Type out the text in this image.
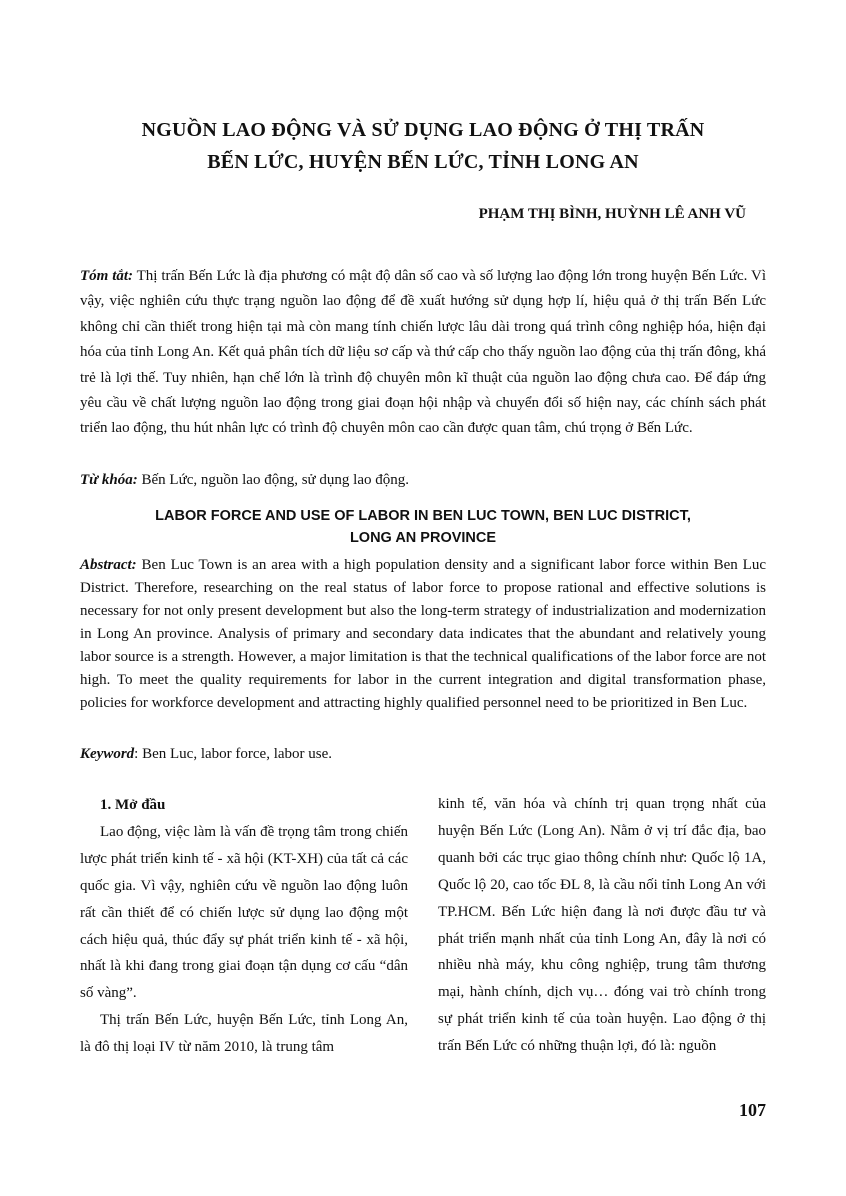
NGUỒN LAO ĐỘNG VÀ SỬ DỤNG LAO ĐỘNG Ở THỊ TRẤN
BẾN LỨC, HUYỆN BẾN LỨC, TỈNH LONG AN
PHẠM THỊ BÌNH, HUỲNH LÊ ANH VŨ

Tóm tắt: Thị trấn Bến Lức là địa phương có mật độ dân số cao và số lượng lao động lớn trong huyện Bến Lức. Vì vậy, việc nghiên cứu thực trạng nguồn lao động để đề xuất hướng sử dụng hợp lí, hiệu quả ở thị trấn Bến Lức không chỉ cần thiết trong hiện tại mà còn mang tính chiến lược lâu dài trong quá trình công nghiệp hóa, hiện đại hóa của tỉnh Long An. Kết quả phân tích dữ liệu sơ cấp và thứ cấp cho thấy nguồn lao động của thị trấn đông, khá trẻ là lợi thế. Tuy nhiên, hạn chế lớn là trình độ chuyên môn kĩ thuật của nguồn lao động chưa cao. Để đáp ứng yêu cầu về chất lượng nguồn lao động trong giai đoạn hội nhập và chuyển đổi số hiện nay, các chính sách phát triển lao động, thu hút nhân lực có trình độ chuyên môn cao cần được quan tâm, chú trọng ở Bến Lức.

Từ khóa: Bến Lức, nguồn lao động, sử dụng lao động.

LABOR FORCE AND USE OF LABOR IN BEN LUC TOWN, BEN LUC DISTRICT,
LONG AN PROVINCE

Abstract: Ben Luc Town is an area with a high population density and a significant labor force within Ben Luc District. Therefore, researching on the real status of labor force to propose rational and effective solutions is necessary for not only present development but also the long-term strategy of industrialization and modernization in Long An province. Analysis of primary and secondary data indicates that the abundant and relatively young labor source is a strength. However, a major limitation is that the technical qualifications of the labor force are not high. To meet the quality requirements for labor in the current integration and digital transformation phase, policies for workforce development and attracting highly qualified personnel need to be prioritized in Ben Luc.

Keyword: Ben Luc, labor force, labor use.

1. Mở đầu

Lao động, việc làm là vấn đề trọng tâm trong chiến lược phát triển kinh tế - xã hội (KT-XH) của tất cả các quốc gia. Vì vậy, nghiên cứu về nguồn lao động luôn rất cần thiết để có chiến lược sử dụng lao động một cách hiệu quả, thúc đẩy sự phát triển kinh tế - xã hội, nhất là khi đang trong giai đoạn tận dụng cơ cấu “dân số vàng”.

Thị trấn Bến Lức, huyện Bến Lức, tỉnh Long An, là đô thị loại IV từ năm 2010, là trung tâm

kinh tế, văn hóa và chính trị quan trọng nhất của huyện Bến Lức (Long An). Nằm ở vị trí đắc địa, bao quanh bởi các trục giao thông chính như: Quốc lộ 1A, Quốc lộ 20, cao tốc ĐL 8, là cầu nối tỉnh Long An với TP.HCM. Bến Lức hiện đang là nơi được đầu tư và phát triển mạnh nhất của tỉnh Long An, đây là nơi có nhiều nhà máy, khu công nghiệp, trung tâm thương mại, hành chính, dịch vụ… đóng vai trò chính trong sự phát triển kinh tế của toàn huyện. Lao động ở thị trấn Bến Lức có những thuận lợi, đó là: nguồn

107
